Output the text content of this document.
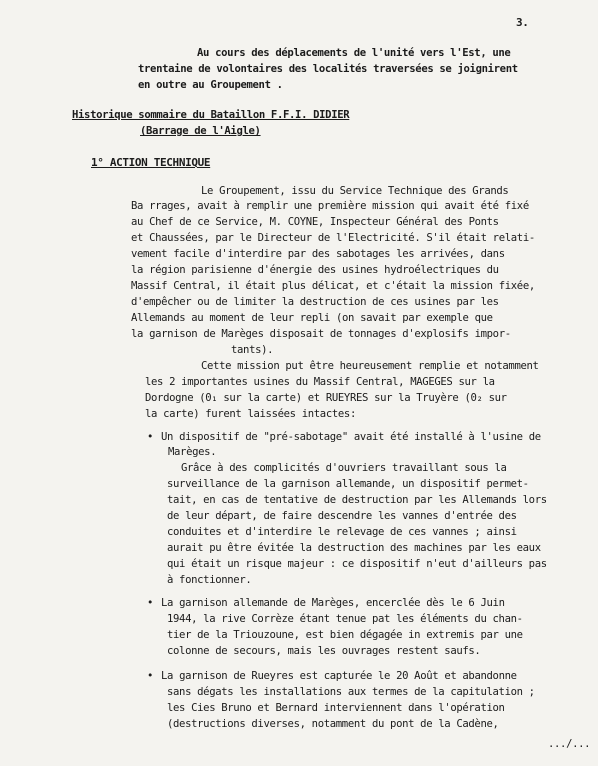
3.
Au cours des déplacements de l'unité vers l'Est, une
trentaine de volontaires des localités traversées se joignirent
en outre au Groupement .
Historique sommaire du Bataillon F.F.I. DIDIER
(Barrage de l'Aigle)
1° ACTION TECHNIQUE
Le Groupement, issu du Service Technique des Grands
Ba rrages, avait à remplir une première mission qui avait été fixé
au Chef de ce Service, M. COYNE, Inspecteur Général des Ponts
et Chaussées, par le Directeur de l'Electricité. S'il était relati-
vement facile d'interdire par des sabotages les arrivées, dans
la région parisienne d'énergie des usines hydroélectriques du
Massif Central, il était plus délicat, et c'était la mission fixée,
d'empêcher ou de limiter la destruction de ces usines par les
Allemands au moment de leur repli (on savait par exemple que
la garnison de Marèges disposait de tonnages d'explosifs impor-
tants).
Cette mission put être heureusement remplie et notamment
les 2 importantes usines du Massif Central, MAGEGES sur la
Dordogne (0₁ sur la carte) et RUEYRES sur la Truyère (0₂ sur
la carte) furent laissées intactes:
• Un dispositif de "pré-sabotage" avait été installé à l'usine de
Marèges.
Grâce à des complicités d'ouvriers travaillant sous la
surveillance de la garnison allemande, un dispositif permet-
tait, en cas de tentative de destruction par les Allemands lors
de leur départ, de faire descendre les vannes d'entrée des
conduites et d'interdire le relevage de ces vannes ; ainsi
aurait pu être évitée la destruction des machines par les eaux
qui était un risque majeur : ce dispositif n'eut d'ailleurs pas
à fonctionner.
• La garnison allemande de Marèges, encerclée dès le 6 Juin
1944, la rive Corrèze étant tenue pat les éléments du chan-
tier de la Triouzoune, est bien dégagée in extremis par une
colonne de secours, mais les ouvrages restent saufs.
• La garnison de Rueyres est capturée le 20 Août et abandonne
sans dégats les installations aux termes de la capitulation ;
les Cies Bruno et Bernard interviennent dans l'opération
(destructions diverses, notamment du pont de la Cadène,
.../...
